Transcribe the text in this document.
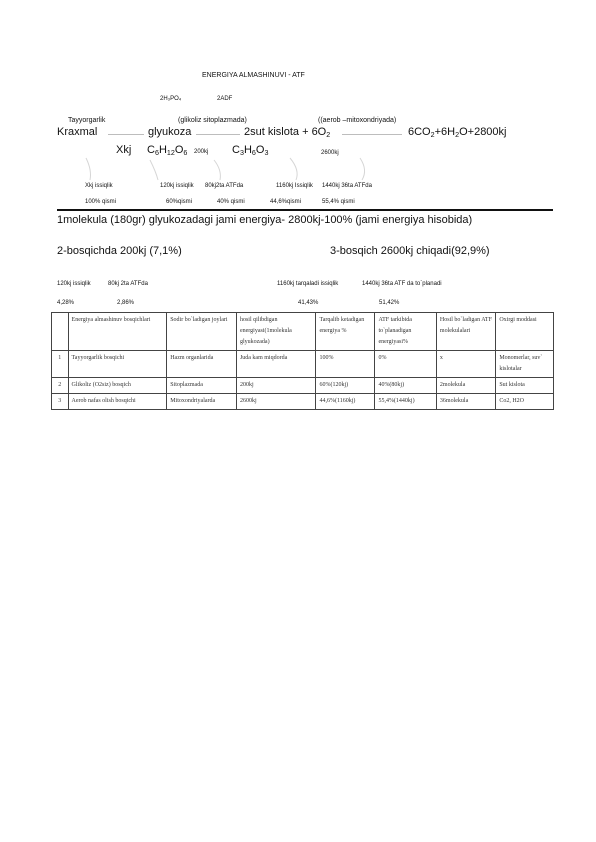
ENERGIYA ALMASHINUVI - ATF
2H₃PO₄	2ADF
Tayyorgarlik	(glikoliz sitoplazmada)	((aerob –mitoxondriyada)
Kraxmal	glyukoza	2sut kislota + $6O_2$	$6CO_2+6H_2O+2800kj$
Xkj $C_6H_{12}O_6$ 200kj $C_3H_6O_3$	2600kj
Xkj issiqlik	120kj issiqlik 80kj2ta ATFda	1160kj Issiqlik 1440kj 36ta ATFda
100% qismi	60%qismi	40% qismi	44,6%qismi	55,4% qismi
1molekula (180gr) glyukozadagi jami energiya- 2800kj-100% (jami energiya hisobida)
2-bosqichda 200kj (7,1%)	3-bosqich 2600kj chiqadi(92,9%)
120kj issiqlik	80kj 2ta ATFda	1160kj tarqaladi issiqlik	1440kj 36ta ATF da to`planadi
4,28%	2,86%	41,43%	51,42%
	Energiya almashinuv bosqichlari	Sodir bo`ladigan joylari	hosil qilibdigan energiyasi(1molekula glyukozada)	Tarqalib ketadigan energiya %	ATF tarkibida to`planadigan energiyasi%	Hosil bo`ladigan ATF molekulalari	Oxirgi moddasi
1	Tayyorgarlik bosqichi	Hazm organlarida	Juda kam miqdorda	100%	0%	x	Monomerlar, suv` kislotalar
2	Glikoliz (O2siz) bosqich	Sitoplazmada	200kj	60%(120kj)	40%(80kj)	2molekula	Sut kislota
3	Aerob nafas olish bosqichi	Mitoxondriyalarda	2600kj	44,6%(1160kj)	55,4%(1440kj)	36molekula	Co2, H2O
